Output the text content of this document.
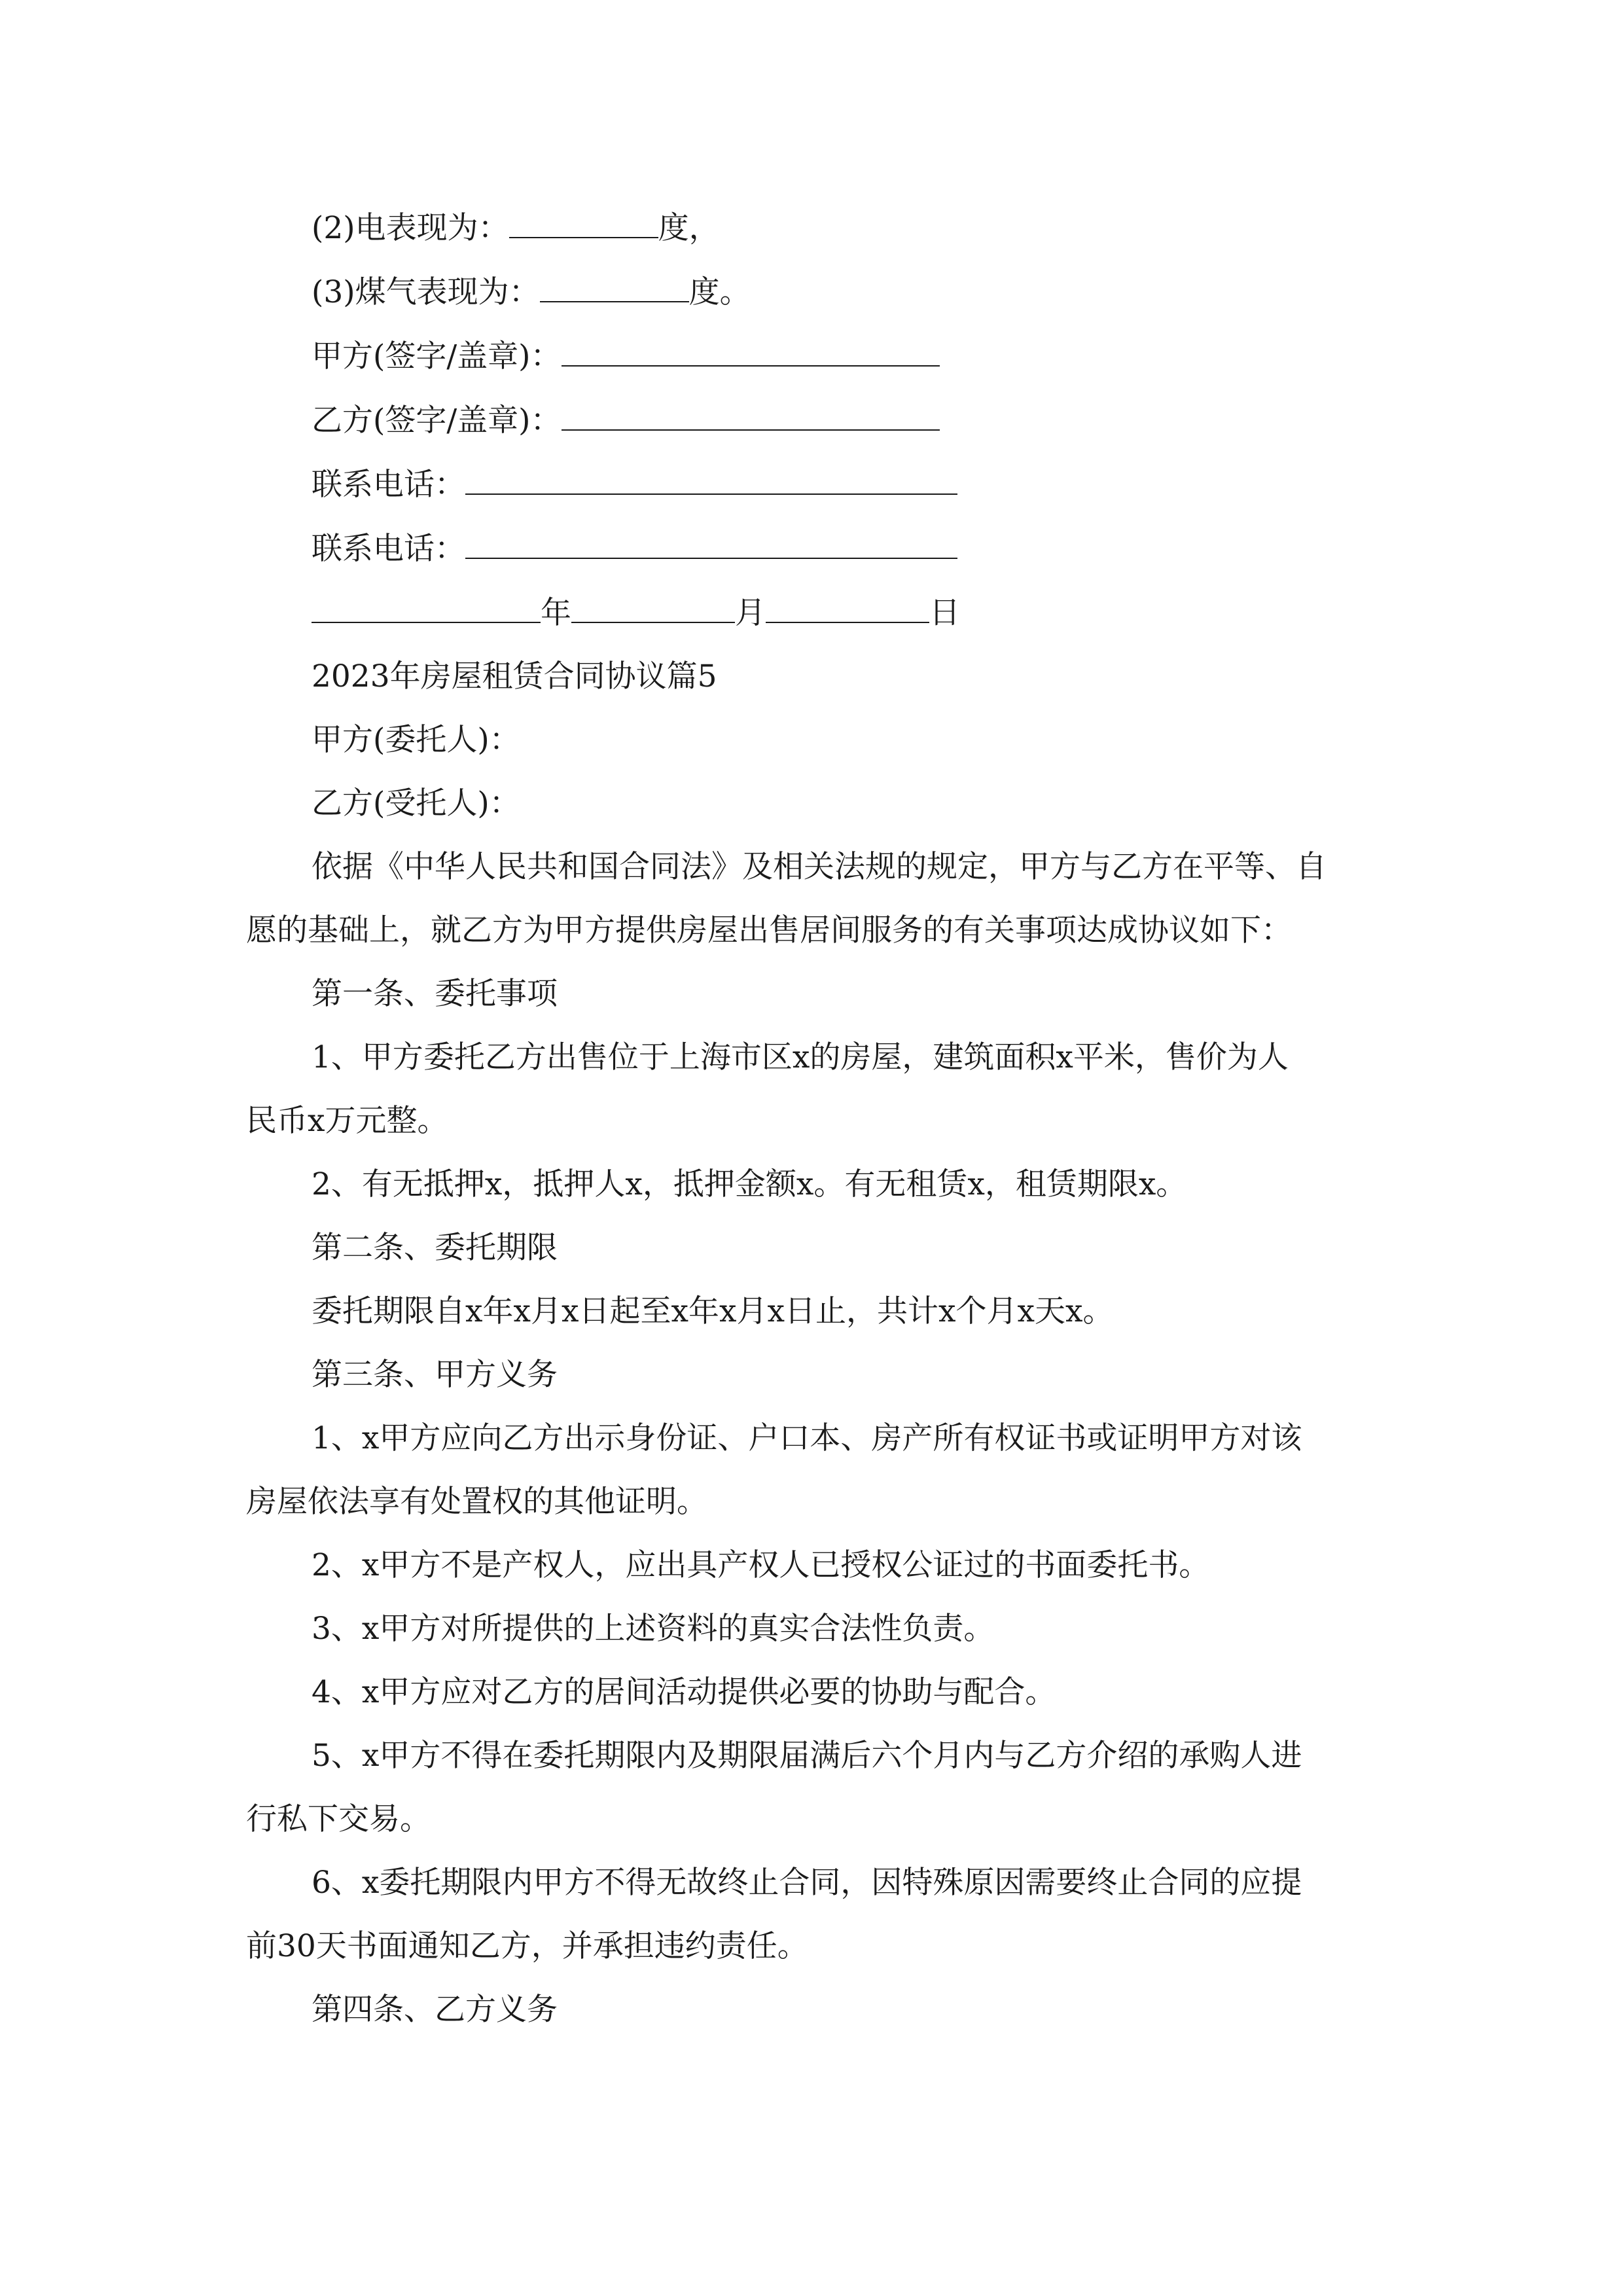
(2)电表现为：	度，
(3)煤气表现为：	度。
甲方(签字/盖章)：
乙方(签字/盖章)：
联系电话：
联系电话：
年	月	日
2023年房屋租赁合同协议篇5
甲方(委托人)：
乙方(受托人)：
依据《中华人民共和国合同法》及相关法规的规定，甲方与乙方在平等、自
愿的基础上，就乙方为甲方提供房屋出售居间服务的有关事项达成协议如下：
第一条、委托事项
1、甲方委托乙方出售位于上海市区x的房屋，建筑面积x平米，售价为人
民币x万元整。
2、有无抵押x，抵押人x，抵押金额x。有无租赁x，租赁期限x。
第二条、委托期限
委托期限自x年x月x日起至x年x月x日止，共计x个月x天x。
第三条、甲方义务
1、x甲方应向乙方出示身份证、户口本、房产所有权证书或证明甲方对该
房屋依法享有处置权的其他证明。
2、x甲方不是产权人，应出具产权人已授权公证过的书面委托书。
3、x甲方对所提供的上述资料的真实合法性负责。
4、x甲方应对乙方的居间活动提供必要的协助与配合。
5、x甲方不得在委托期限内及期限届满后六个月内与乙方介绍的承购人进
行私下交易。
6、x委托期限内甲方不得无故终止合同，因特殊原因需要终止合同的应提
前30天书面通知乙方，并承担违约责任。
第四条、乙方义务
